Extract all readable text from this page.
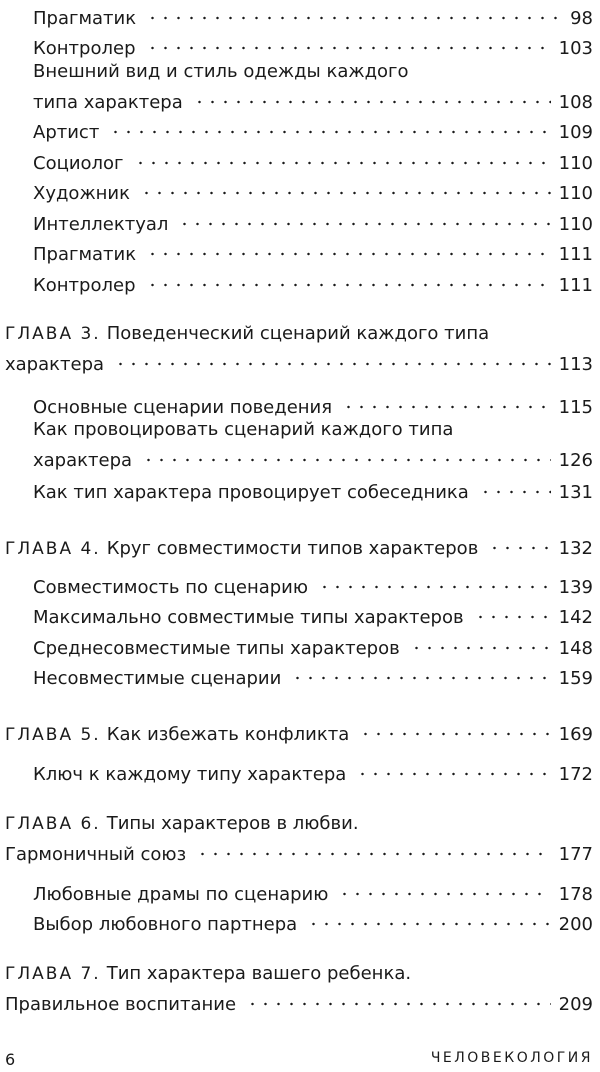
Прагматик	98
Контролер	103
Внешний вид и стиль одежды каждого
типа характера	108
Артист	109
Социолог	110
Художник	110
Интеллектуал	110
Прагматик	111
Контролер	111
ГЛАВА 3. Поведенческий сценарий каждого типа
характера	113
Основные сценарии поведения	115
Как провоцировать сценарий каждого типа
характера	126
Как тип характера провоцирует собеседника	131
ГЛАВА 4. Круг совместимости типов характеров	132
Совместимость по сценарию	139
Максимально совместимые типы характеров	142
Среднесовместимые типы характеров	148
Несовместимые сценарии	159
ГЛАВА 5. Как избежать конфликта	169
Ключ к каждому типу характера	172
ГЛАВА 6. Типы характеров в любви.
Гармоничный союз	177
Любовные драмы по сценарию	178
Выбор любовного партнера	200
ГЛАВА 7. Тип характера вашего ребенка.
Правильное воспитание	209
6	ЧЕЛОВЕКОЛОГИЯ
